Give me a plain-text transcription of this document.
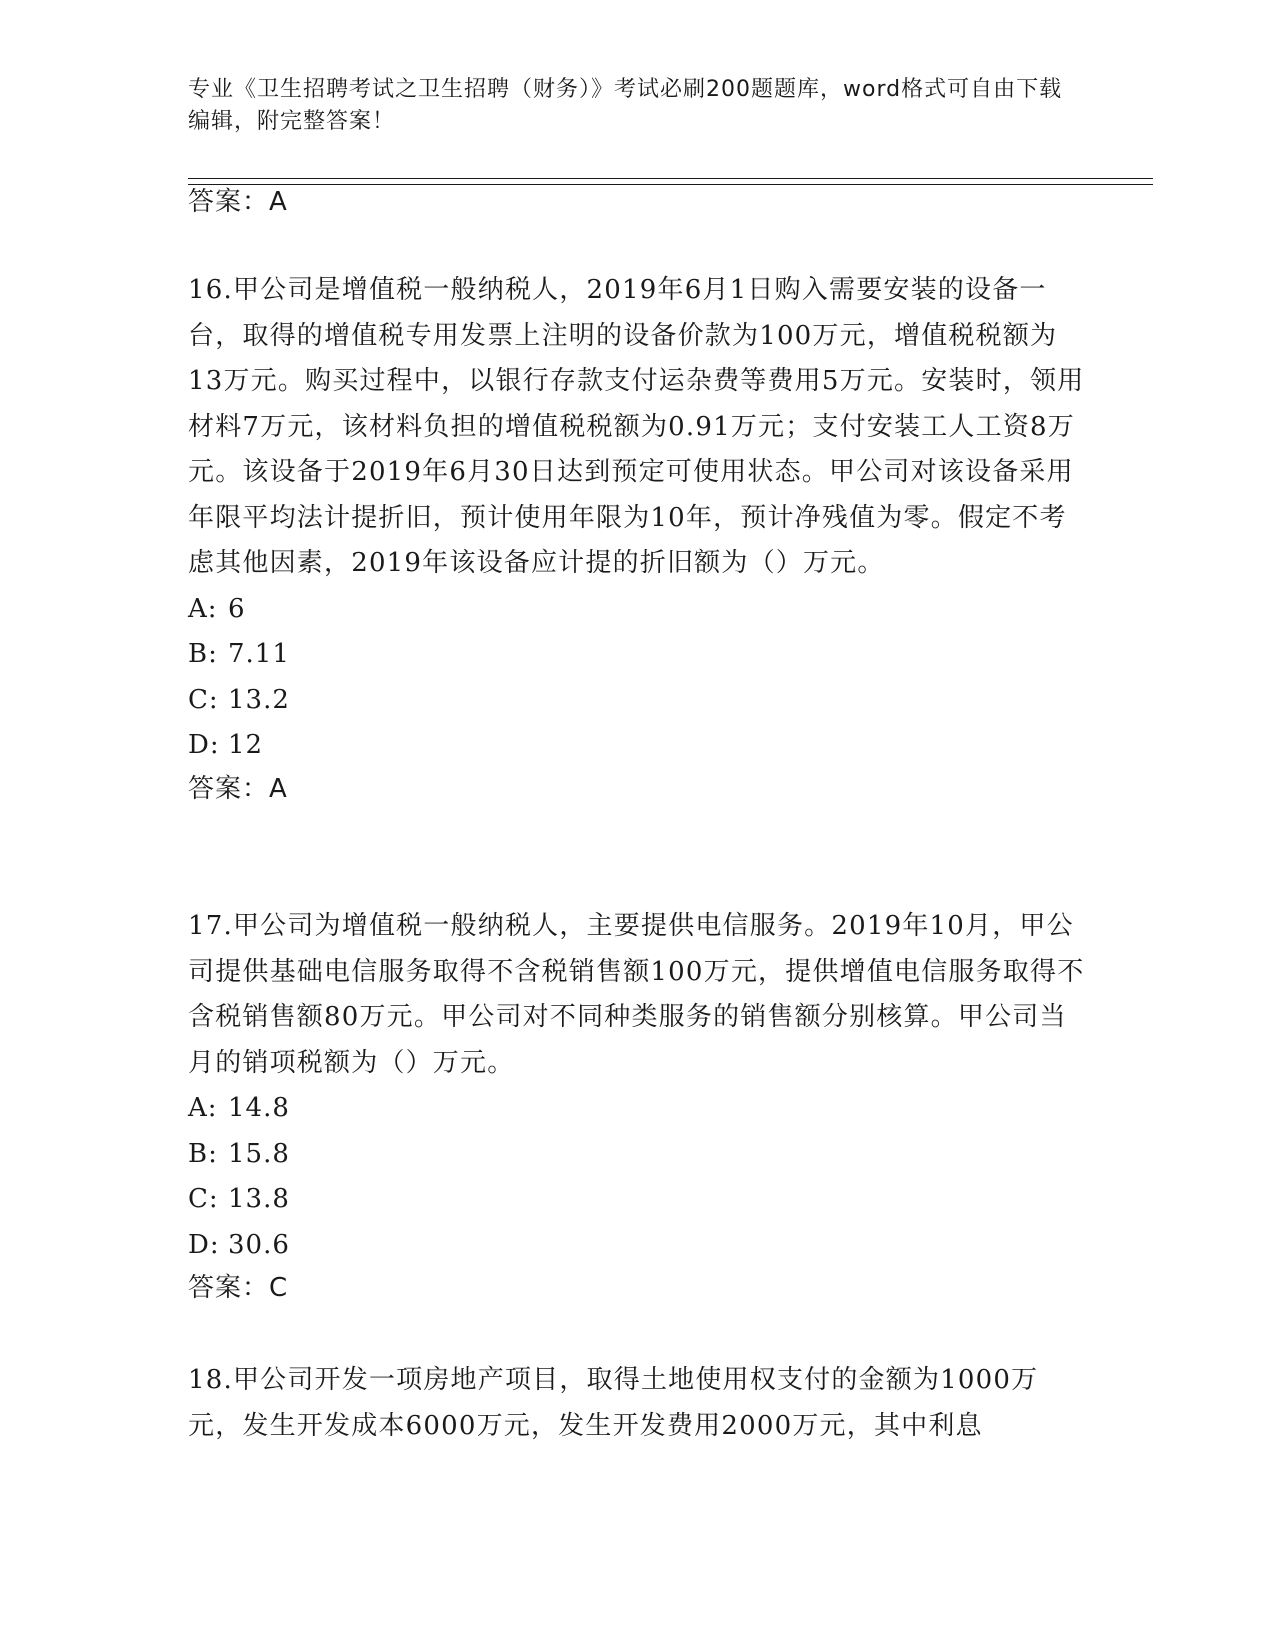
专业《卫生招聘考试之卫生招聘（财务）》考试必刷200题题库，word格式可自由下载编辑，附完整答案！
答案：A

16.甲公司是增值税一般纳税人，2019年6月1日购入需要安装的设备一台，取得的增值税专用发票上注明的设备价款为100万元，增值税税额为13万元。购买过程中，以银行存款支付运杂费等费用5万元。安装时，领用材料7万元，该材料负担的增值税税额为0.91万元；支付安装工人工资8万元。该设备于2019年6月30日达到预定可使用状态。甲公司对该设备采用年限平均法计提折旧，预计使用年限为10年，预计净残值为零。假定不考虑其他因素，2019年该设备应计提的折旧额为（）万元。

A: 6
B: 7.11
C: 13.2
D: 12
答案：A

17.甲公司为增值税一般纳税人，主要提供电信服务。2019年10月，甲公司提供基础电信服务取得不含税销售额100万元，提供增值电信服务取得不含税销售额80万元。甲公司对不同种类服务的销售额分别核算。甲公司当月的销项税额为（）万元。

A: 14.8
B: 15.8
C: 13.8
D: 30.6
答案：C

18.甲公司开发一项房地产项目，取得土地使用权支付的金额为1000万元，发生开发成本6000万元，发生开发费用2000万元，其中利息
